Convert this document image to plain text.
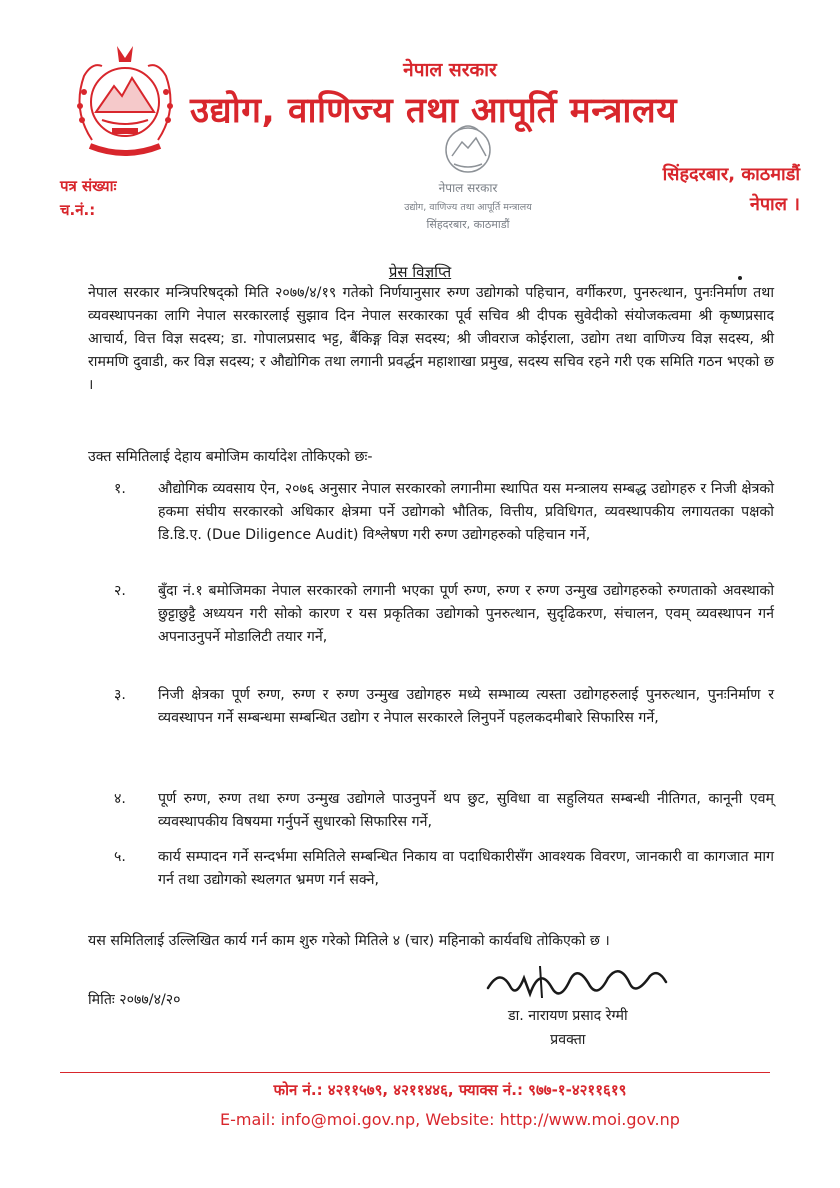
नेपाल सरकार
उद्योग, वाणिज्य तथा आपूर्ति मन्त्रालय
नेपाल सरकार
उद्योग, वाणिज्य तथा आपूर्ति मन्त्रालय
सिंहदरबार, काठमाडौं
सिंहदरबार, काठमाडौं
नेपाल ।
पत्र संख्याः
च.नं.:
प्रेस विज्ञप्ति
नेपाल सरकार मन्त्रिपरिषद्को मिति २०७७/४/१९ गतेको निर्णयानुसार रुग्ण उद्योगको पहिचान, वर्गीकरण, पुनरुत्थान, पुनःनिर्माण तथा व्यवस्थापनका लागि नेपाल सरकारलाई सुझाव दिन नेपाल सरकारका पूर्व सचिव श्री दीपक सुवेदीको संयोजकत्वमा श्री कृष्णप्रसाद आचार्य, वित्त विज्ञ सदस्य; डा. गोपालप्रसाद भट्ट, बैंकिङ्ग विज्ञ सदस्य; श्री जीवराज कोईराला, उद्योग तथा वाणिज्य विज्ञ सदस्य, श्री राममणि दुवाडी, कर विज्ञ सदस्य; र औद्योगिक तथा लगानी प्रवर्द्धन महाशाखा प्रमुख, सदस्य सचिव रहने गरी एक समिति गठन भएको छ ।
उक्त समितिलाई देहाय बमोजिम कार्यादेश तोकिएको छः-
१. औद्योगिक व्यवसाय ऐन, २०७६ अनुसार नेपाल सरकारको लगानीमा स्थापित यस मन्त्रालय सम्बद्ध उद्योगहरु र निजी क्षेत्रको हकमा संघीय सरकारको अधिकार क्षेत्रमा पर्ने उद्योगको भौतिक, वित्तीय, प्रविधिगत, व्यवस्थापकीय लगायतका पक्षको डि.डि.ए. (Due Diligence Audit) विश्लेषण गरी रुग्ण उद्योगहरुको पहिचान गर्ने,
२. बुँदा नं.१ बमोजिमका नेपाल सरकारको लगानी भएका पूर्ण रुग्ण, रुग्ण र रुग्ण उन्मुख उद्योगहरुको रुग्णताको अवस्थाको छुट्टाछुट्टै अध्ययन गरी सोको कारण र यस प्रकृतिका उद्योगको पुनरुत्थान, सुदृढिकरण, संचालन, एवम् व्यवस्थापन गर्न अपनाउनुपर्ने मोडालिटी तयार गर्ने,
३. निजी क्षेत्रका पूर्ण रुग्ण, रुग्ण र रुग्ण उन्मुख उद्योगहरु मध्ये सम्भाव्य त्यस्ता उद्योगहरुलाई पुनरुत्थान, पुनःनिर्माण र व्यवस्थापन गर्ने सम्बन्धमा सम्बन्धित उद्योग र नेपाल सरकारले लिनुपर्ने पहलकदमीबारे सिफारिस गर्ने,
४. पूर्ण रुग्ण, रुग्ण तथा रुग्ण उन्मुख उद्योगले पाउनुपर्ने थप छुट, सुविधा वा सहुलियत सम्बन्धी नीतिगत, कानूनी एवम् व्यवस्थापकीय विषयमा गर्नुपर्ने सुधारको सिफारिस गर्ने,
५. कार्य सम्पादन गर्ने सन्दर्भमा समितिले सम्बन्धित निकाय वा पदाधिकारीसँग आवश्यक विवरण, जानकारी वा कागजात माग गर्न तथा उद्योगको स्थलगत भ्रमण गर्न सक्ने,
यस समितिलाई उल्लिखित कार्य गर्न काम शुरु गरेको मितिले ४ (चार) महिनाको कार्यवधि तोकिएको छ ।
मितिः २०७७/४/२०
डा. नारायण प्रसाद रेग्मी
प्रवक्ता
फोन नं.: ४२११५७९, ४२११४४६, फ्याक्स नं.: ९७७-१-४२११६१९
E-mail: info@moi.gov.np, Website: http://www.moi.gov.np
